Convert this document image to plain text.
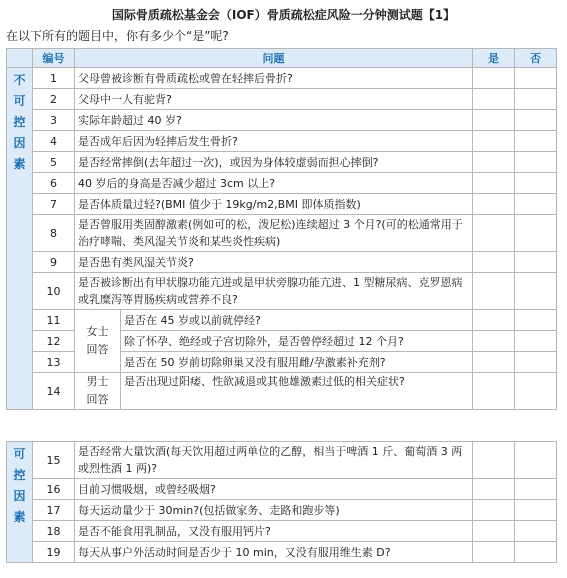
国际骨质疏松基金会（IOF）骨质疏松症风险一分钟测试题【1】
在以下所有的题目中，你有多少个“是”呢?
	编号	问题		是	否

不可控因素	1	父母曾被诊断有骨质疏松或曾在轻摔后骨折?			
	2	父母中一人有驼背?			
	3	实际年龄超过 40 岁?			
	4	是否成年后因为轻摔后发生骨折?			
	5	是否经常摔倒(去年超过一次)，或因为身体较虚弱而担心摔倒?			
	6	40 岁后的身高是否减少超过 3cm 以上?			
	7	是否体质量过轻?(BMI 值少于 19kg/m2,BMI 即体质指数)			
	8	是否曾服用类固醇激素(例如可的松，泼尼松)连续超过 3 个月?(可的松通常用于治疗哮喘、类风湿关节炎和某些炎性疾病)			
	9	是否患有类风湿关节炎?			
	10	是否被诊断出有甲状腺功能亢进或是甲状旁腺功能亢进、1 型糖尿病、克罗恩病或乳糜泻等胃肠疾病或营养不良?			
	11	女士回答	是否在 45 岁或以前就停经?		
	12		除了怀孕、绝经或子宫切除外，是否曾停经超过 12 个月?		
	13		是否在 50 岁前切除卵巢又没有服用雌/孕激素补充剂?		
	14	男士回答	是否出现过阳痿、性欲减退或其他雄激素过低的相关症状?		
可控因素	15	是否经常大量饮酒(每天饮用超过两单位的乙醇，相当于啤酒 1 斤、葡萄酒 3 两或烈性酒 1 两)?		
	16	目前习惯吸烟，或曾经吸烟?		
	17	每天运动量少于 30min?(包括做家务、走路和跑步等)		
	18	是否不能食用乳制品，又没有服用钙片?		
	19	每天从事户外活动时间是否少于 10 min，又没有服用维生素 D?		
